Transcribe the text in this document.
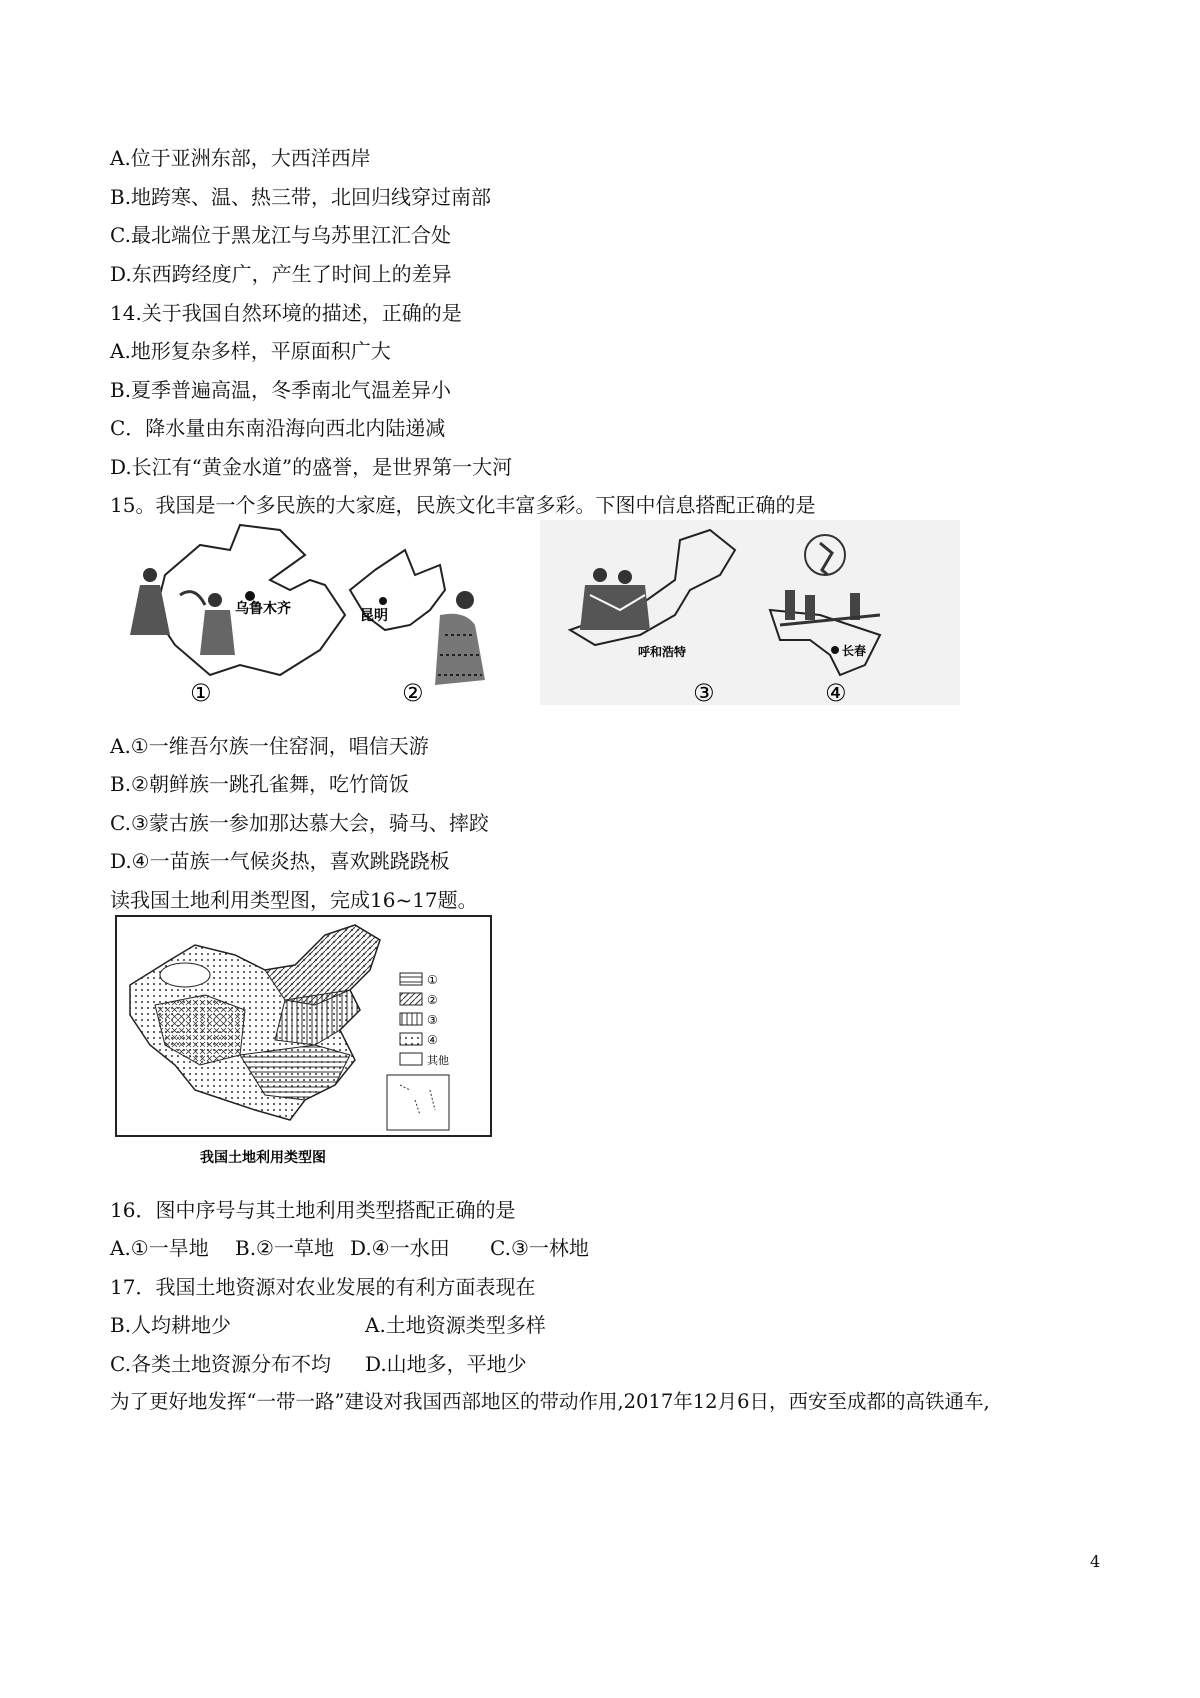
A.位于亚洲东部，大西洋西岸
B.地跨寒、温、热三带，北回归线穿过南部
C.最北端位于黑龙江与乌苏里江汇合处
D.东西跨经度广，产生了时间上的差异
14.关于我国自然环境的描述，正确的是
A.地形复杂多样，平原面积广大
B.夏季普遍高温，冬季南北气温差异小
C．降水量由东南沿海向西北内陆递减
D.长江有“黄金水道”的盛誉，是世界第一大河
15。我国是一个多民族的大家庭，民族文化丰富多彩。下图中信息搭配正确的是
乌鲁木齐
①
昆明
②
呼和浩特
③
长春
④
A.①一维吾尔族一住窑洞，唱信天游
B.②朝鲜族一跳孔雀舞，吃竹筒饭
C.③蒙古族一参加那达慕大会，骑马、摔跤
D.④一苗族一气候炎热，喜欢跳跷跷板
读我国土地利用类型图，完成16~17题。
①
②
③
④
其他
我国土地利用类型图
16．图中序号与其土地利用类型搭配正确的是
A.①一旱地 B.②一草地 D.④一水田 C.③一林地
17．我国土地资源对农业发展的有利方面表现在
B.人均耕地少	A.土地资源类型多样
C.各类土地资源分布不均 D.山地多，平地少
为了更好地发挥“一带一路”建设对我国西部地区的带动作用,2017年12月6日，西安至成都的高铁通车,
4
